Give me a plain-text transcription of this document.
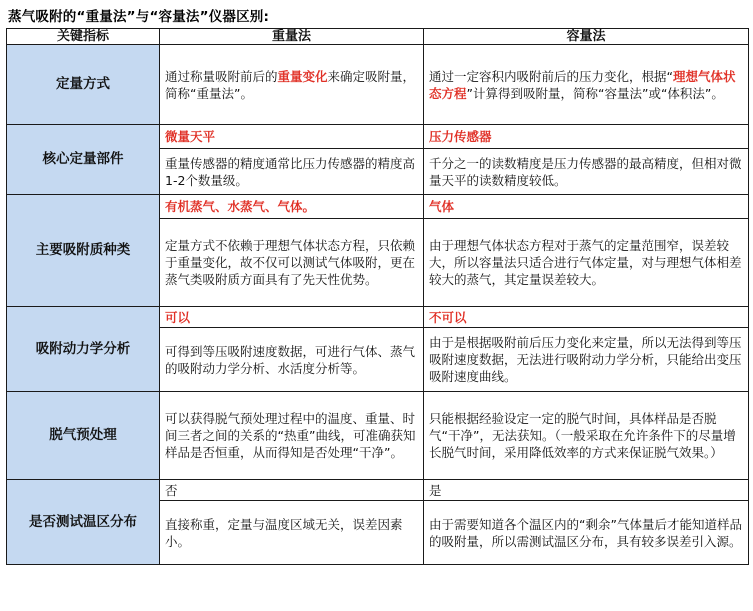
蒸气吸附的“重量法”与“容量法”仪器区别:
关键指标	重量法	容量法
定量方式	通过称量吸附前后的重量变化来确定吸附量，简称“重量法”。	通过一定容积内吸附前后的压力变化，根据“理想气体状态方程”计算得到吸附量，简称“容量法”或“体积法”。
核心定量部件	微量天平	压力传感器
	重量传感器的精度通常比压力传感器的精度高1-2个数量级。	千分之一的读数精度是压力传感器的最高精度，但相对微量天平的读数精度较低。
主要吸附质种类	有机蒸气、水蒸气、气体。	气体
	定量方式不依赖于理想气体状态方程，只依赖于重量变化，故不仅可以测试气体吸附，更在蒸气类吸附质方面具有了先天性优势。	由于理想气体状态方程对于蒸气的定量范围窄，误差较大，所以容量法只适合进行气体定量，对与理想气体相差较大的蒸气，其定量误差较大。
吸附动力学分析	可以	不可以
	可得到等压吸附速度数据，可进行气体、蒸气的吸附动力学分析、水活度分析等。	由于是根据吸附前后压力变化来定量，所以无法得到等压吸附速度数据，无法进行吸附动力学分析，只能给出变压吸附速度曲线。
脱气预处理	可以获得脱气预处理过程中的温度、重量、时间三者之间的关系的“热重”曲线，可准确获知样品是否恒重，从而得知是否处理“干净”。	只能根据经验设定一定的脱气时间，具体样品是否脱气“干净”，无法获知。（一般采取在允许条件下的尽量增长脱气时间，采用降低效率的方式来保证脱气效果。）
是否测试温区分布	否	是
	直接称重，定量与温度区域无关，误差因素小。	由于需要知道各个温区内的“剩余”气体量后才能知道样品的吸附量，所以需测试温区分布，具有较多误差引入源。
